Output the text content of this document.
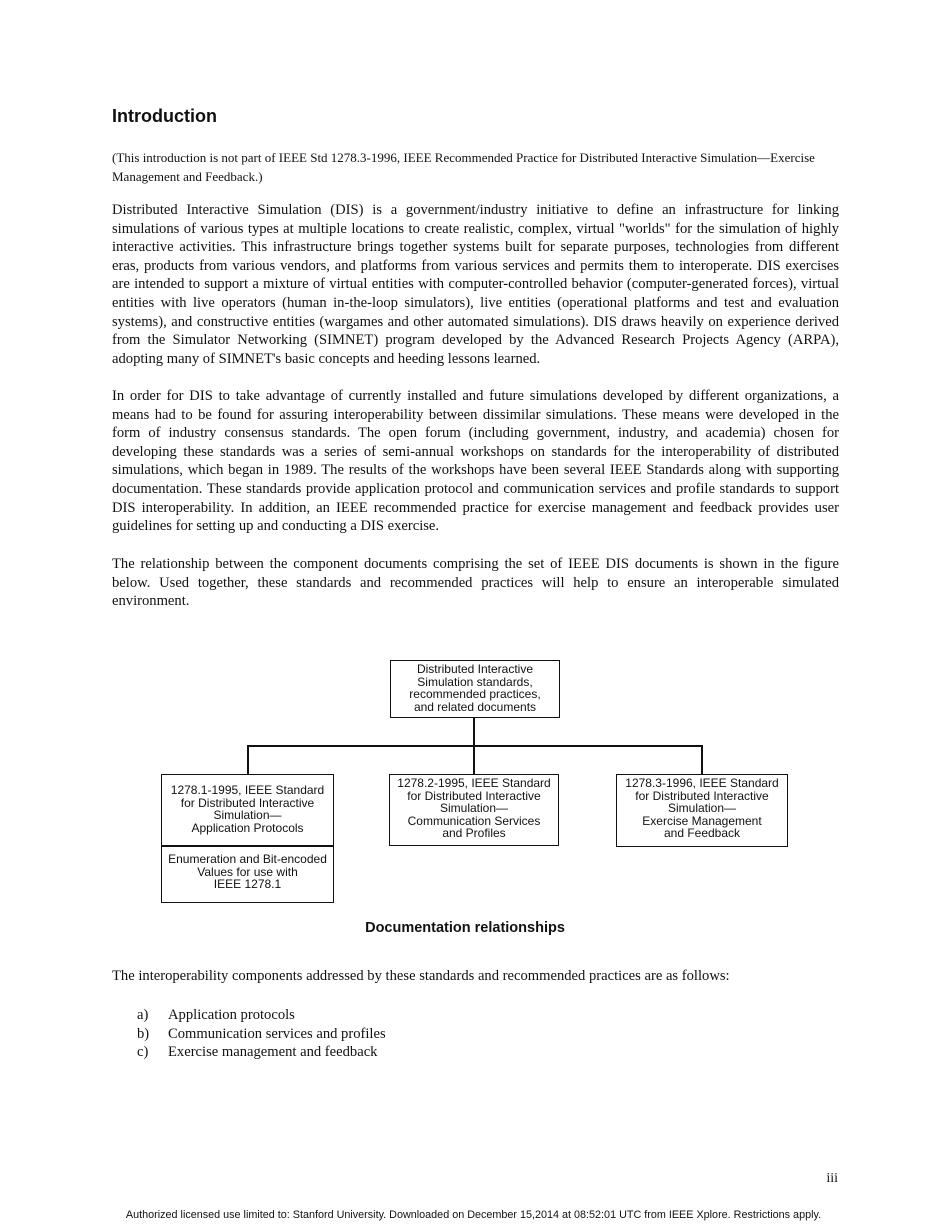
Introduction

(This introduction is not part of IEEE Std 1278.3-1996, IEEE Recommended Practice for Distributed Interactive Simulation—Exercise Management and Feedback.)

Distributed Interactive Simulation (DIS) is a government/industry initiative to define an infrastructure for linking simulations of various types at multiple locations to create realistic, complex, virtual "worlds" for the simulation of highly interactive activities. This infrastructure brings together systems built for separate purposes, technologies from different eras, products from various vendors, and platforms from various services and permits them to interoperate. DIS exercises are intended to support a mixture of virtual entities with computer-controlled behavior (computer-generated forces), virtual entities with live operators (human in-the-loop simulators), live entities (operational platforms and test and evaluation systems), and constructive entities (wargames and other automated simulations). DIS draws heavily on experience derived from the Simulator Networking (SIMNET) program developed by the Advanced Research Projects Agency (ARPA), adopting many of SIMNET's basic concepts and heeding lessons learned.

In order for DIS to take advantage of currently installed and future simulations developed by different organizations, a means had to be found for assuring interoperability between dissimilar simulations. These means were developed in the form of industry consensus standards. The open forum (including government, industry, and academia) chosen for developing these standards was a series of semi-annual workshops on standards for the interoperability of distributed simulations, which began in 1989. The results of the workshops have been several IEEE Standards along with supporting documentation. These standards provide application protocol and communication services and profile standards to support DIS interoperability. In addition, an IEEE recommended practice for exercise management and feedback provides user guidelines for setting up and conducting a DIS exercise.

The relationship between the component documents comprising the set of IEEE DIS documents is shown in the figure below. Used together, these standards and recommended practices will help to ensure an interoperable simulated environment.

Distributed Interactive
Simulation standards,
recommended practices,
and related documents
1278.1-1995, IEEE Standard
for Distributed Interactive
Simulation—
Application Protocols
Enumeration and Bit-encoded
Values for use with
IEEE 1278.1
1278.2-1995, IEEE Standard
for Distributed Interactive
Simulation—
Communication Services
and Profiles
1278.3-1996, IEEE Standard
for Distributed Interactive
Simulation—
Exercise Management
and Feedback

Documentation relationships

The interoperability components addressed by these standards and recommended practices are as follows:

a)	Application protocols
b)	Communication services and profiles
c)	Exercise management and feedback

iii

Authorized licensed use limited to: Stanford University. Downloaded on December 15,2014 at 08:52:01 UTC from IEEE Xplore. Restrictions apply.
